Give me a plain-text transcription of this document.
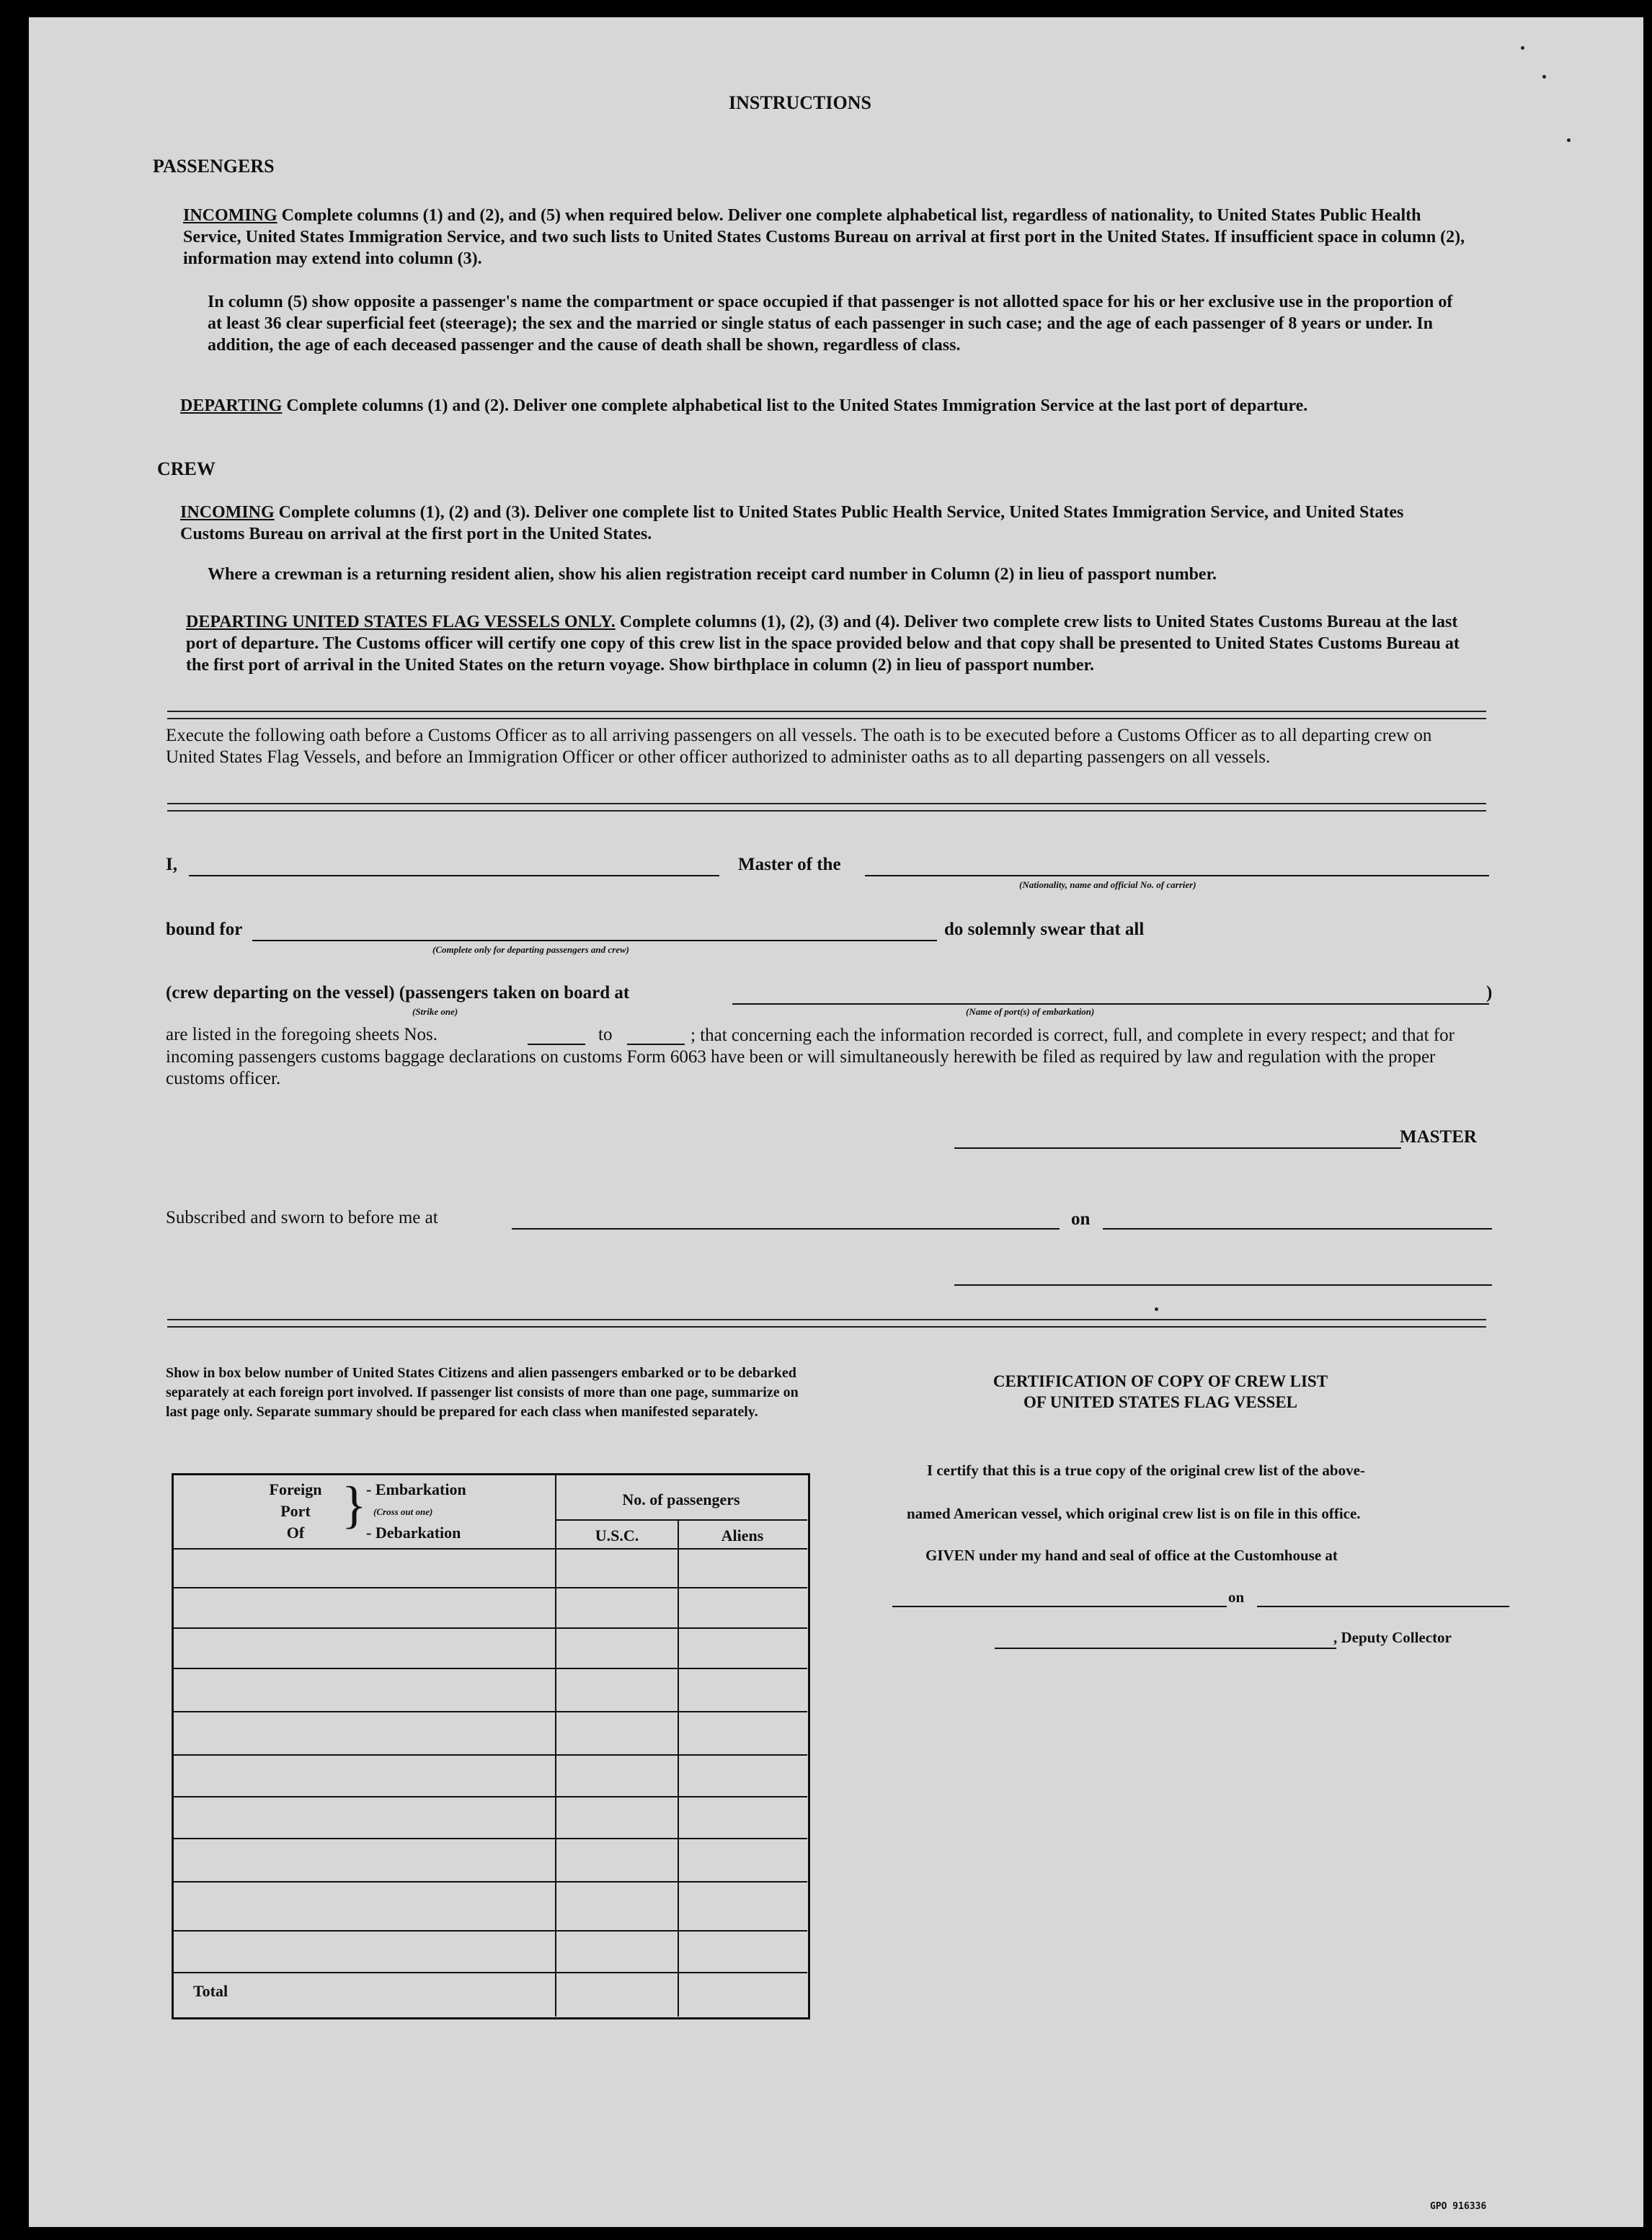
INSTRUCTIONS
PASSENGERS
INCOMING Complete columns (1) and (2), and (5) when required below. Deliver one complete alphabetical list, regardless of nationality, to United States Public Health Service, United States Immigration Service, and two such lists to United States Customs Bureau on arrival at first port in the United States. If insufficient space in column (2), information may extend into column (3).
In column (5) show opposite a passenger's name the compartment or space occupied if that passenger is not allotted space for his or her exclusive use in the proportion of at least 36 clear superficial feet (steerage); the sex and the married or single status of each passenger in such case; and the age of each passenger of 8 years or under. In addition, the age of each deceased passenger and the cause of death shall be shown, regardless of class.
DEPARTING Complete columns (1) and (2). Deliver one complete alphabetical list to the United States Immigration Service at the last port of departure.
CREW
INCOMING Complete columns (1), (2) and (3). Deliver one complete list to United States Public Health Service, United States Immigration Service, and United States Customs Bureau on arrival at the first port in the United States.
Where a crewman is a returning resident alien, show his alien registration receipt card number in Column (2) in lieu of passport number.
DEPARTING UNITED STATES FLAG VESSELS ONLY. Complete columns (1), (2), (3) and (4). Deliver two complete crew lists to United States Customs Bureau at the last port of departure. The Customs officer will certify one copy of this crew list in the space provided below and that copy shall be presented to United States Customs Bureau at the first port of arrival in the United States on the return voyage. Show birthplace in column (2) in lieu of passport number.
Execute the following oath before a Customs Officer as to all arriving passengers on all vessels. The oath is to be executed before a Customs Officer as to all departing crew on United States Flag Vessels, and before an Immigration Officer or other officer authorized to administer oaths as to all departing passengers on all vessels.
I,	Master of the
(Nationality, name and official No. of carrier)
bound for
(Complete only for departing passengers and crew)
do solemnly swear that all
(crew departing on the vessel) (passengers taken on board at
(Strike one)	(Name of port(s) of embarkation)
)
are listed in the foregoing sheets Nos.	to	; that concerning each the information recorded is correct, full, and complete in every respect; and that for incoming passengers customs baggage declarations on customs Form 6063 have been or will simultaneously herewith be filed as required by law and regulation with the proper customs officer.
MASTER
Subscribed and sworn to before me at	on
Show in box below number of United States Citizens and alien passengers embarked or to be debarked separately at each foreign port involved. If passenger list consists of more than one page, summarize on last page only. Separate summary should be prepared for each class when manifested separately.
Foreign
Port
Of } - Embarkation
(Cross out one)
- Debarkation
No. of passengers
U.S.C.	Aliens
Total
CERTIFICATION OF COPY OF CREW LIST
OF UNITED STATES FLAG VESSEL
I certify that this is a true copy of the original crew list of the above-
named American vessel, which original crew list is on file in this office.
GIVEN under my hand and seal of office at the Customhouse at
on
, Deputy Collector
GPO 916336
